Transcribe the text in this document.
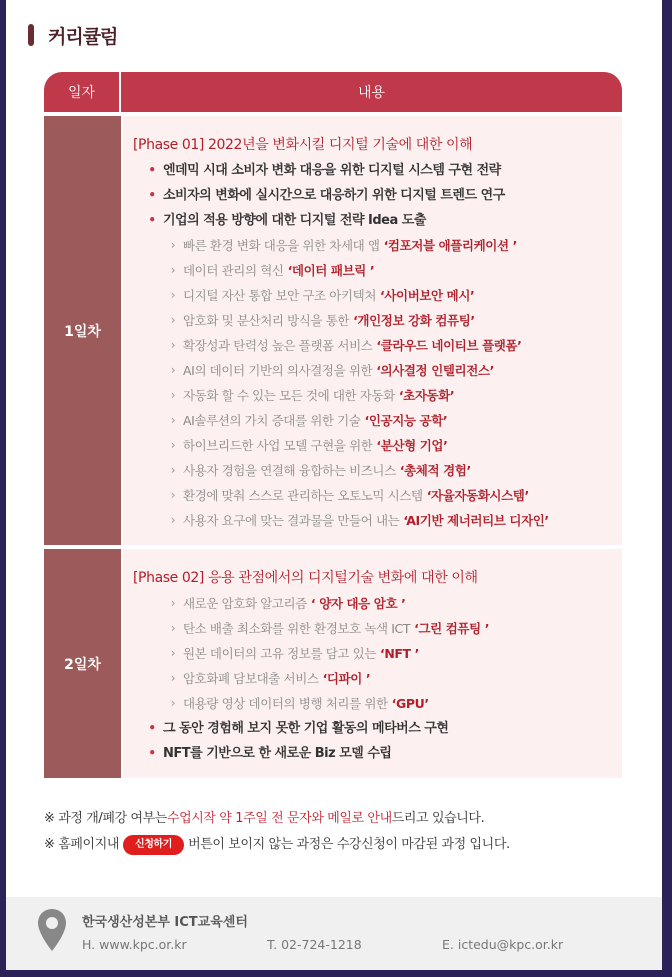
커리큘럼
일자	내용
1일차
[Phase 01] 2022년을 변화시킬 디지털 기술에 대한 이해
• 엔데믹 시대 소비자 변화 대응을 위한 디지털 시스템 구현 전략
• 소비자의 변화에 실시간으로 대응하기 위한 디지털 트렌드 연구
• 기업의 적용 방향에 대한 디지털 전략 Idea 도출
› 빠른 환경 변화 대응을 위한 차세대 앱 ‘컴포저블 애플리케이션 ’
› 데이터 관리의 혁신 ‘데이터 패브릭 ’
› 디지털 자산 통합 보안 구조 아키텍처 ‘사이버보안 메시’
› 암호화 및 분산처리 방식을 통한 ‘개인정보 강화 컴퓨팅’
› 확장성과 탄력성 높은 플랫폼 서비스 ‘클라우드 네이티브 플랫폼’
› AI의 데이터 기반의 의사결정을 위한 ‘의사결정 인텔리전스’
› 자동화 할 수 있는 모든 것에 대한 자동화 ‘초자동화’
› AI솔루션의 가치 증대를 위한 기술 ‘인공지능 공학’
› 하이브리드한 사업 모델 구현을 위한 ‘분산형 기업’
› 사용자 경험을 연결해 융합하는 비즈니스 ‘총체적 경험’
› 환경에 맞춰 스스로 관리하는 오토노믹 시스템 ‘자율자동화시스템’
› 사용자 요구에 맞는 결과물을 만들어 내는 ‘AI기반 제너러티브 디자인’
2일차
[Phase 02] 응용 관점에서의 디지털기술 변화에 대한 이해
› 새로운 암호화 알고리즘 ‘ 양자 대응 암호 ’
› 탄소 배출 최소화를 위한 환경보호 녹색 ICT ‘그린 컴퓨팅 ’
› 원본 데이터의 고유 정보를 담고 있는 ‘NFT ’
› 암호화폐 담보대출 서비스 ‘디파이 ’
› 대용량 영상 데이터의 병행 처리를 위한 ‘GPU’
• 그 동안 경험해 보지 못한 기업 활동의 메타버스 구현
• NFT를 기반으로 한 새로운 Biz 모델 수립
※ 과정 개/폐강 여부는 수업시작 약 1주일 전 문자와 메일로 안내 드리고 있습니다.
※ 홈페이지내	신청하기	버튼이 보이지 않는 과정은 수강신청이 마감된 과정 입니다.
한국생산성본부 ICT교육센터
H. www.kpc.or.kr	T. 02-724-1218	E. ictedu@kpc.or.kr
